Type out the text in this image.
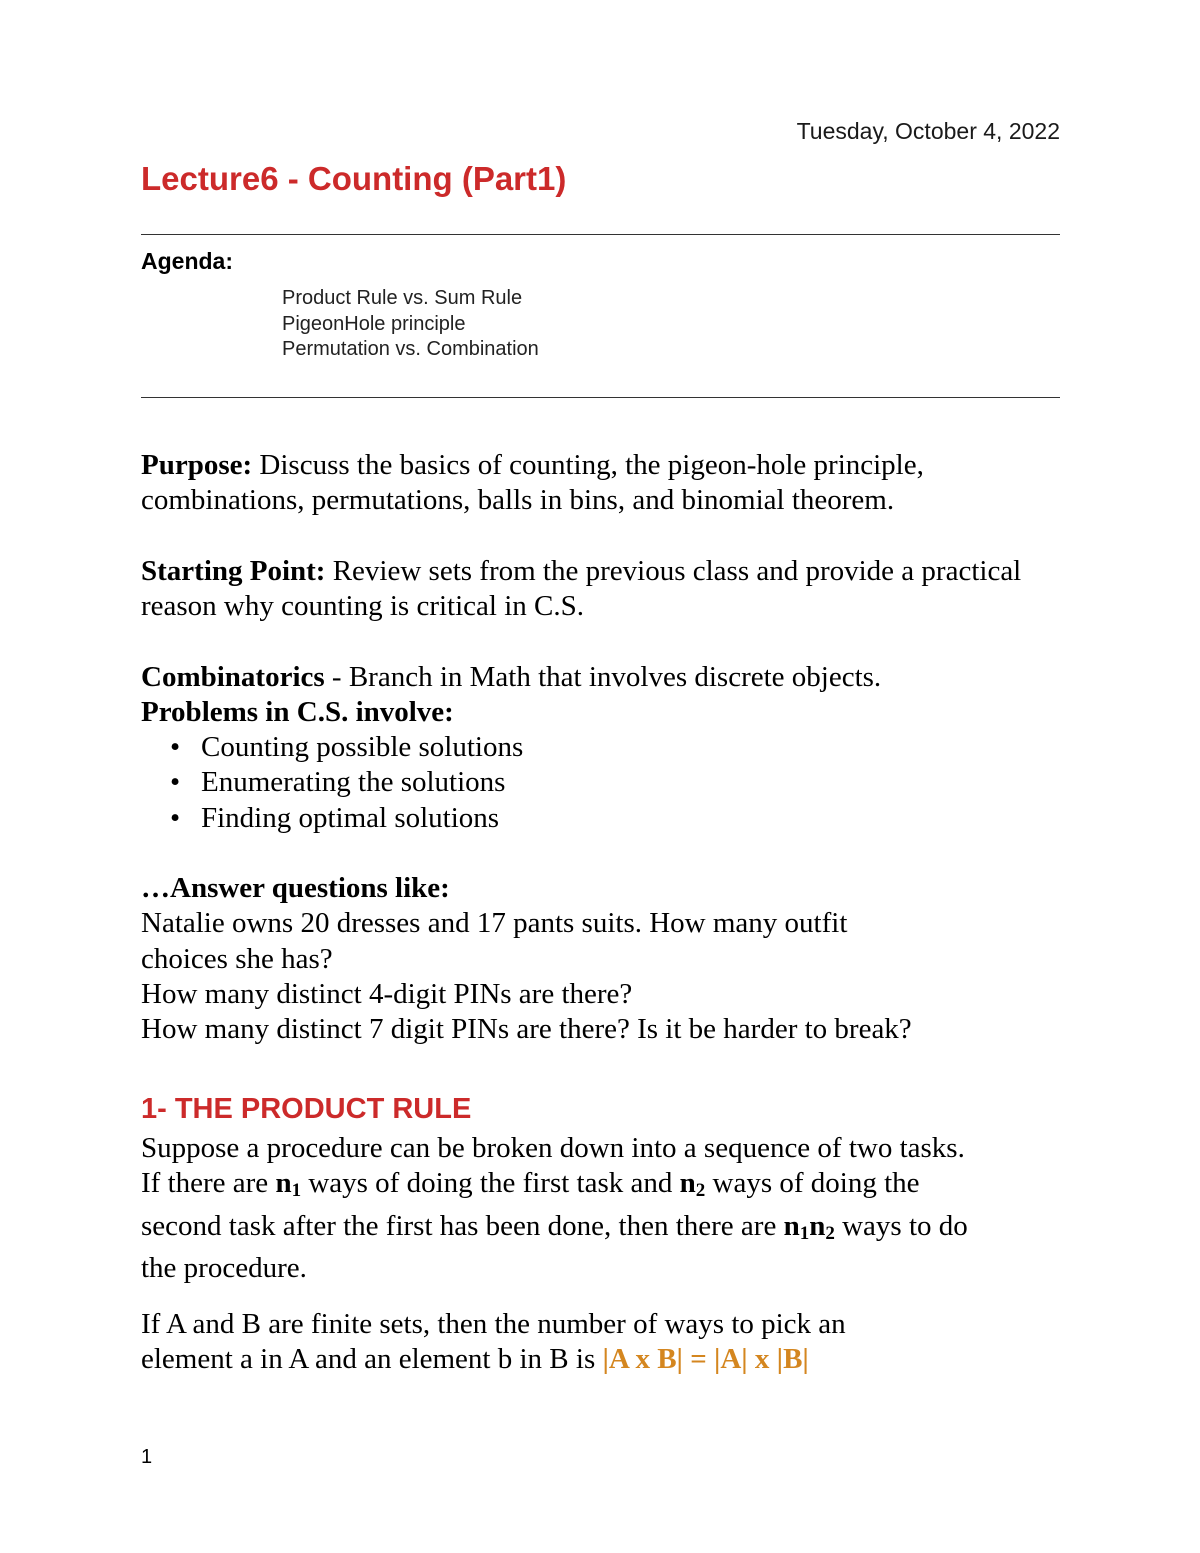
Tuesday, October 4, 2022
Lecture6 - Counting (Part1)
Agenda:
Product Rule vs. Sum Rule
PigeonHole principle
Permutation vs. Combination

Purpose: Discuss the basics of counting, the pigeon-hole principle, combinations, permutations, balls in bins, and binomial theorem.

Starting Point: Review sets from the previous class and provide a practical reason why counting is critical in C.S.

Combinatorics - Branch in Math that involves discrete objects.

Problems in C.S. involve:

• Counting possible solutions
• Enumerating the solutions
• Finding optimal solutions
…Answer questions like:
Natalie owns 20 dresses and 17 pants suits. How many outfit choices she has?
How many distinct 4-digit PINs are there?
How many distinct 7 digit PINs are there? Is it be harder to break?
1- THE PRODUCT RULE

Suppose a procedure can be broken down into a sequence of two tasks. If there are $n_1$ ways of doing the first task and $n_2$ ways of doing the second task after the first has been done, then there are $n_1n_2$ ways to do the procedure.

If A and B are finite sets, then the number of ways to pick an element a in A and an element b in B is |A x B| = |A| x |B|

1
